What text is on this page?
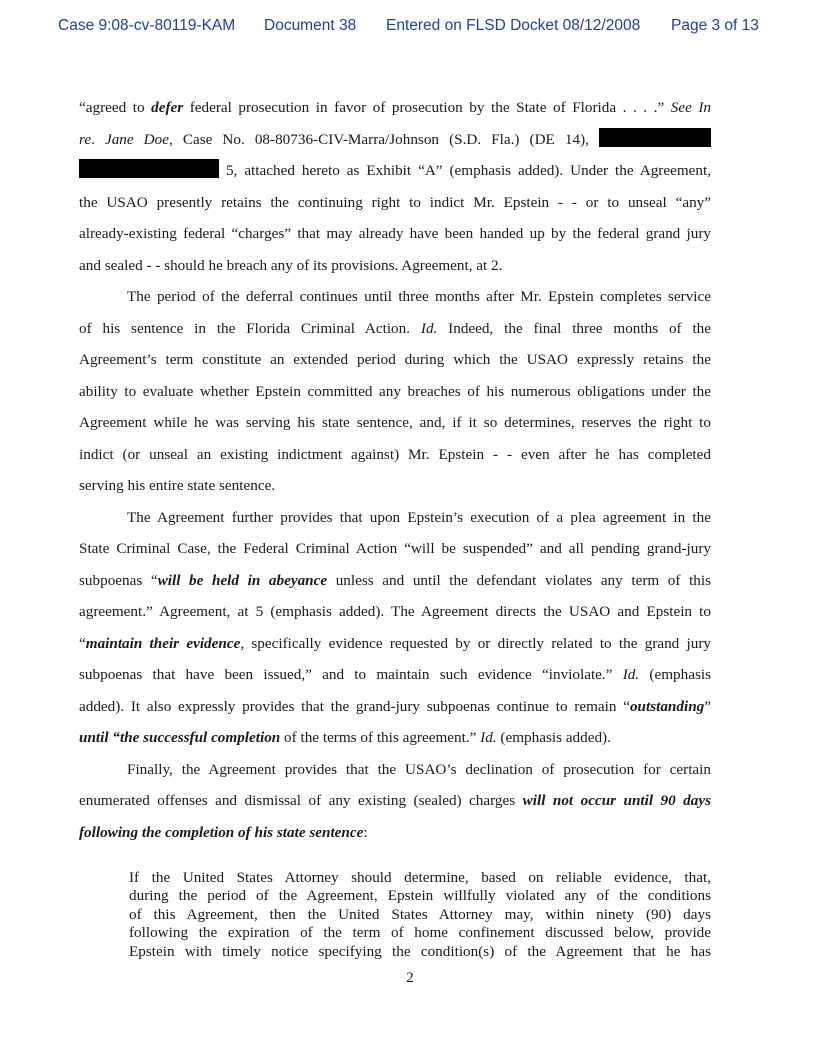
Case 9:08-cv-80119-KAM Document 38 Entered on FLSD Docket 08/12/2008 Page 3 of 13
“agreed to defer federal prosecution in favor of prosecution by the State of Florida . . . .” See In
re. Jane Doe, Case No. 08-80736-CIV-Marra/Johnson (S.D. Fla.) (DE 14),
5, attached hereto as Exhibit “A” (emphasis added). Under the Agreement,
the USAO presently retains the continuing right to indict Mr. Epstein - - or to unseal “any”
already-existing federal “charges” that may already have been handed up by the federal grand jury
and sealed - - should he breach any of its provisions. Agreement, at 2.
The period of the deferral continues until three months after Mr. Epstein completes service
of his sentence in the Florida Criminal Action. Id. Indeed, the final three months of the
Agreement’s term constitute an extended period during which the USAO expressly retains the
ability to evaluate whether Epstein committed any breaches of his numerous obligations under the
Agreement while he was serving his state sentence, and, if it so determines, reserves the right to
indict (or unseal an existing indictment against) Mr. Epstein - - even after he has completed
serving his entire state sentence.
The Agreement further provides that upon Epstein’s execution of a plea agreement in the
State Criminal Case, the Federal Criminal Action “will be suspended” and all pending grand-jury
subpoenas “will be held in abeyance unless and until the defendant violates any term of this
agreement.” Agreement, at 5 (emphasis added). The Agreement directs the USAO and Epstein to
“maintain their evidence, specifically evidence requested by or directly related to the grand jury
subpoenas that have been issued,” and to maintain such evidence “inviolate.” Id. (emphasis
added). It also expressly provides that the grand-jury subpoenas continue to remain “outstanding”
until “the successful completion of the terms of this agreement.” Id. (emphasis added).
Finally, the Agreement provides that the USAO’s declination of prosecution for certain
enumerated offenses and dismissal of any existing (sealed) charges will not occur until 90 days
following the completion of his state sentence:
If the United States Attorney should determine, based on reliable evidence, that,
during the period of the Agreement, Epstein willfully violated any of the conditions
of this Agreement, then the United States Attorney may, within ninety (90) days
following the expiration of the term of home confinement discussed below, provide
Epstein with timely notice specifying the condition(s) of the Agreement that he has
2
